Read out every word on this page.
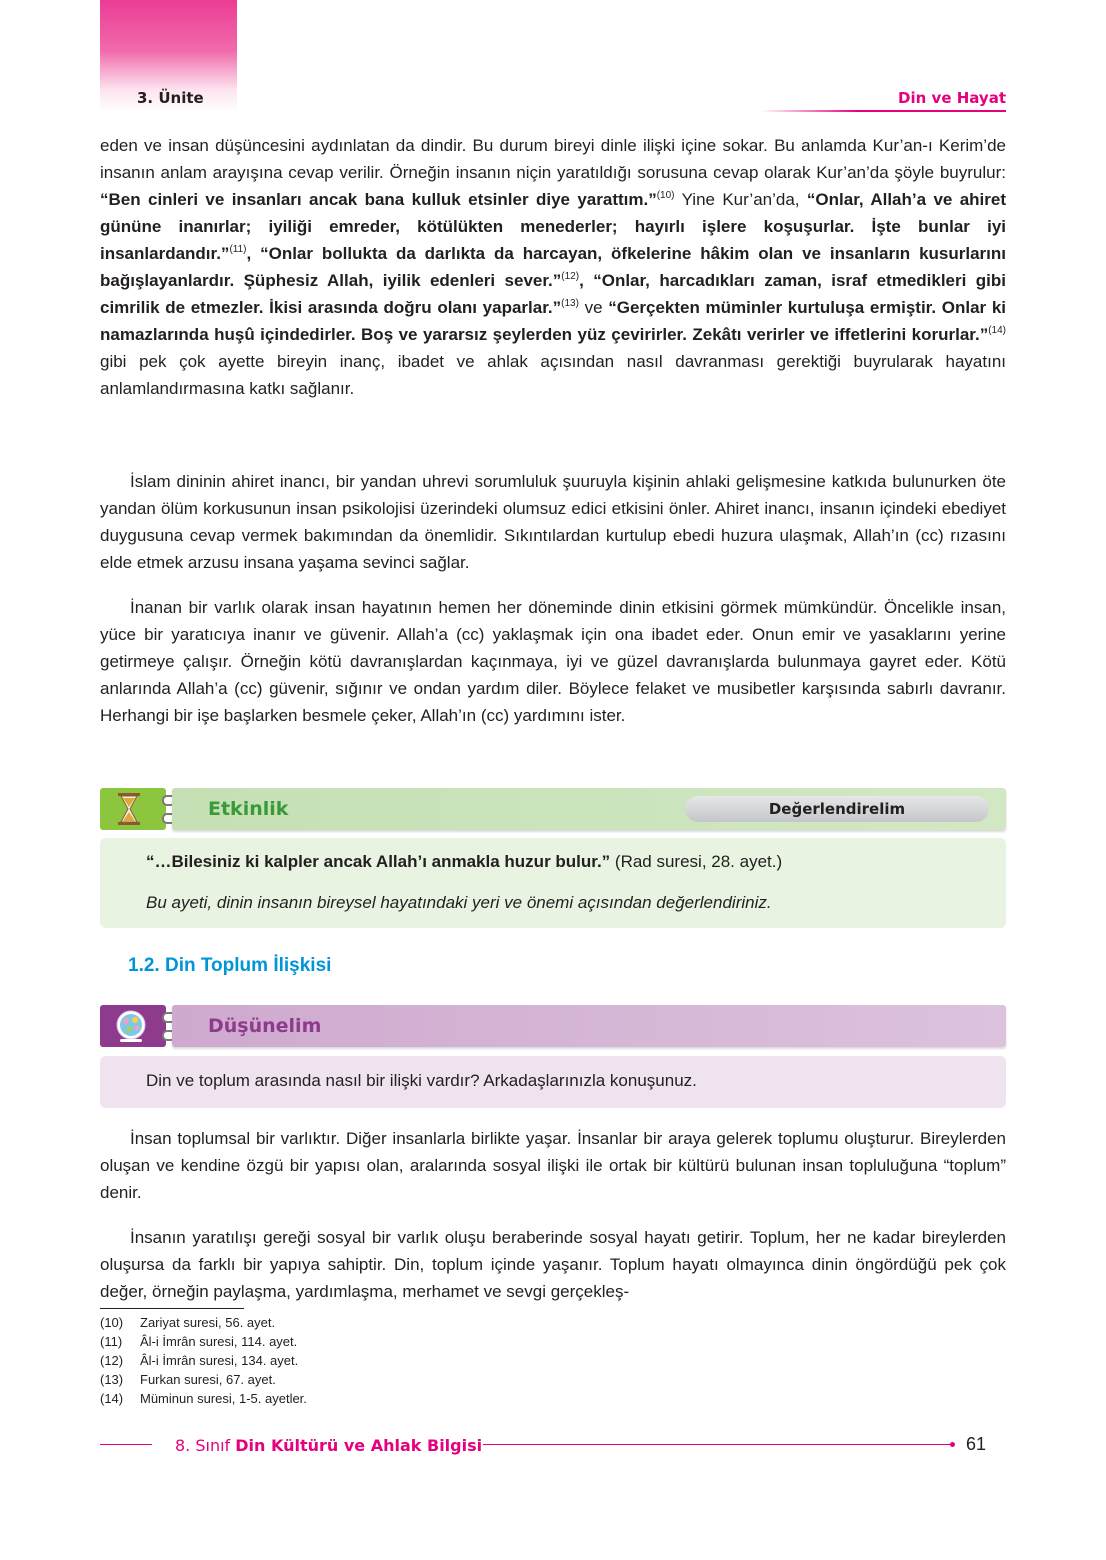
3. Ünite	Din ve Hayat

eden ve insan düşüncesini aydınlatan da dindir. Bu durum bireyi dinle ilişki içine sokar. Bu anlamda Kur’an-ı Kerim’de insanın anlam arayışına cevap verilir. Örneğin insanın niçin yaratıldığı sorusuna cevap olarak Kur’an’da şöyle buyrulur: “Ben cinleri ve insanları ancak bana kulluk etsinler diye yarattım.”$^{(10)}$ Yine Kur’an’da, “Onlar, Allah’a ve ahiret gününe inanırlar; iyiliği emreder, kötülükten menederler; hayırlı işlere koşuşurlar. İşte bunlar iyi insanlardandır.”$^{(11)}$, “Onlar bollukta da darlıkta da harcayan, öfkelerine hâkim olan ve insanların kusurlarını bağışlayanlardır. Şüphesiz Allah, iyilik edenleri sever.”$^{(12)}$, “Onlar, harcadıkları zaman, israf etmedikleri gibi cimrilik de etmezler. İkisi arasında doğru olanı yaparlar.”$^{(13)}$ ve “Gerçekten müminler kurtuluşa ermiştir. Onlar ki namazlarında huşû içindedirler. Boş ve yararsız şeylerden yüz çevirirler. Zekâtı verirler ve iffetlerini korurlar.”$^{(14)}$ gibi pek çok ayette bireyin inanç, ibadet ve ahlak açısından nasıl davranması gerektiği buyrularak hayatını anlamlandırmasına katkı sağlanır.

İslam dininin ahiret inancı, bir yandan uhrevi sorumluluk şuuruyla kişinin ahlaki gelişmesine katkıda bulunurken öte yandan ölüm korkusunun insan psikolojisi üzerindeki olumsuz edici etkisini önler. Ahiret inancı, insanın içindeki ebediyet duygusuna cevap vermek bakımından da önemlidir. Sıkıntılardan kurtulup ebedi huzura ulaşmak, Allah’ın (cc) rızasını elde etmek arzusu insana yaşama sevinci sağlar.

İnanan bir varlık olarak insan hayatının hemen her döneminde dinin etkisini görmek mümkündür. Öncelikle insan, yüce bir yaratıcıya inanır ve güvenir. Allah’a (cc) yaklaşmak için ona ibadet eder. Onun emir ve yasaklarını yerine getirmeye çalışır. Örneğin kötü davranışlardan kaçınmaya, iyi ve güzel davranışlarda bulunmaya gayret eder. Kötü anlarında Allah’a (cc) güvenir, sığınır ve ondan yardım diler. Böylece felaket ve musibetler karşısında sabırlı davranır. Herhangi bir işe başlarken besmele çeker, Allah’ın (cc) yardımını ister.

Etkinlik	Değerlendirelim
“…Bilesiniz ki kalpler ancak Allah’ı anmakla huzur bulur.” (Rad suresi, 28. ayet.)
Bu ayeti, dinin insanın bireysel hayatındaki yeri ve önemi açısından değerlendiriniz.
1.2. Din Toplum İlişkisi
Düşünelim
Din ve toplum arasında nasıl bir ilişki vardır? Arkadaşlarınızla konuşunuz.

İnsan toplumsal bir varlıktır. Diğer insanlarla birlikte yaşar. İnsanlar bir araya gelerek toplumu oluşturur. Bireylerden oluşan ve kendine özgü bir yapısı olan, aralarında sosyal ilişki ile ortak bir kültürü bulunan insan topluluğuna “toplum” denir.

İnsanın yaratılışı gereği sosyal bir varlık oluşu beraberinde sosyal hayatı getirir. Toplum, her ne kadar bireylerden oluşursa da farklı bir yapıya sahiptir. Din, toplum içinde yaşanır. Toplum hayatı olmayınca dinin öngördüğü pek çok değer, örneğin paylaşma, yardımlaşma, merhamet ve sevgi gerçekleş-

(10) Zariyat suresi, 56. ayet.
(11) Âl-i İmrân suresi, 114. ayet.
(12) Âl-i İmrân suresi, 134. ayet.
(13) Furkan suresi, 67. ayet.
(14) Müminun suresi, 1-5. ayetler.
8. Sınıf Din Kültürü ve Ahlak Bilgisi	61
